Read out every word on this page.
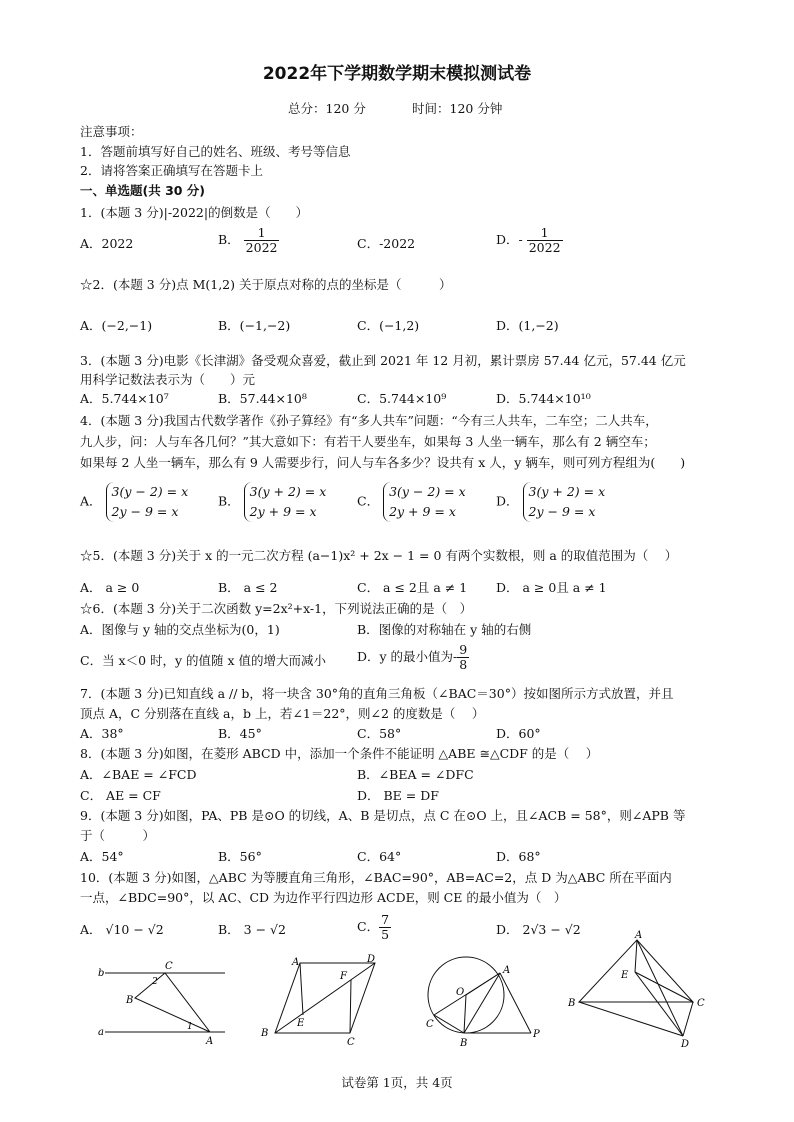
2022年下学期数学期末模拟测试卷
总分：120 分	时间：120 分钟
注意事项：
1．答题前填写好自己的姓名、班级、考号等信息
2．请将答案正确填写在答题卡上
一、单选题(共 30 分)
1．(本题 3 分)|-2022|的倒数是（　　）
A．2022	B． $\frac{1}{2022}$	C．-2022	D．- $\frac{1}{2022}$
☆2．(本题 3 分)点 M(1,2) 关于原点对称的点的坐标是（　　　）
A．(−2,−1)	B．(−1,−2)	C．(−1,2)	D．(1,−2)
3．(本题 3 分)电影《长津湖》备受观众喜爱，截止到 2021 年 12 月初，累计票房 57.44 亿元，57.44 亿元
用科学记数法表示为（　　）元
A．5.744×10⁷	B．57.44×10⁸	C．5.744×10⁹	D．5.744×10¹⁰
4．(本题 3 分)我国古代数学著作《孙子算经》有“多人共车”问题：“今有三人共车，二车空；二人共车，
九人步，问：人与车各几何？”其大意如下：有若干人要坐车，如果每 3 人坐一辆车，那么有 2 辆空车；
如果每 2 人坐一辆车，那么有 9 人需要步行，问人与车各多少？设共有 x 人，y 辆车，则可列方程组为(　　)
A．
3(y − 2) = x
2y − 9 = x
B．
3(y + 2) = x
2y + 9 = x
C．
3(y − 2) = x
2y + 9 = x
D．
3(y + 2) = x
2y − 9 = x
☆5．(本题 3 分)关于 x 的一元二次方程 (a−1)x² + 2x − 1 = 0 有两个实数根，则 a 的取值范围为（　 ）
A． a ≥ 0	B． a ≤ 2	C． a ≤ 2且 a ≠ 1 D． a ≥ 0且 a ≠ 1
☆6．(本题 3 分)关于二次函数 y=2x²+x-1，下列说法正确的是（　）
A．图像与 y 轴的交点坐标为(0，1)	B．图像的对称轴在 y 轴的右侧
C．当 x＜0 时，y 的值随 x 值的增大而减小 D．y 的最小值为- $\frac{9}{8}$
7．(本题 3 分)已知直线 a // b，将一块含 30°角的直角三角板（∠BAC＝30°）按如图所示方式放置，并且
顶点 A，C 分别落在直线 a，b 上，若∠1＝22°，则∠2 的度数是（　 ）
A．38°	B．45°	C．58°	D．60°
8．(本题 3 分)如图，在菱形 ABCD 中，添加一个条件不能证明 △ABE ≅△CDF 的是（　 ）
A．∠BAE = ∠FCD	B．∠BEA = ∠DFC
C． AE = CF	D． BE = DF
9．(本题 3 分)如图，PA、PB 是⊙O 的切线，A、B 是切点，点 C 在⊙O 上，且∠ACB = 58°，则∠APB 等
于（　　　）
A．54°	B．56°	C．64°	D．68°
10．(本题 3 分)如图，△ABC 为等腰直角三角形，∠BAC=90°，AB=AC=2，点 D 为△ABC 所在平面内
一点，∠BDC=90°，以 AC、CD 为边作平行四边形 ACDE，则 CE 的最小值为（　）
A． √10 − √2	B． 3 − √2	C． $\frac{7}{5}$	D． 2√3 − √2
b
C
2
B
a	1
A
A	D
F
E
B
C
A
O
C
B
P
A
E
B	C
D
试卷第 1页，共 4页
